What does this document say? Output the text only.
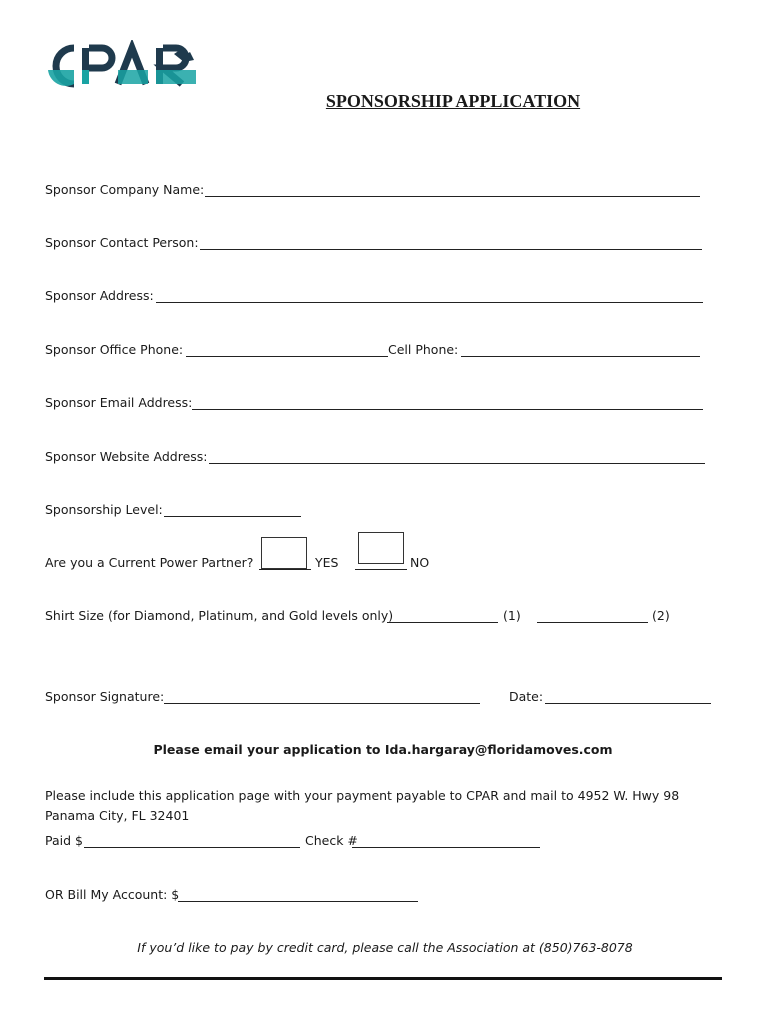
SPONSORSHIP APPLICATION
Sponsor Company Name:
Sponsor Contact Person:
Sponsor Address:
Sponsor Office Phone:	Cell Phone:
Sponsor Email Address:
Sponsor Website Address:
Sponsorship Level:
Are you a Current Power Partner?	YES	NO
Shirt Size (for Diamond, Platinum, and Gold levels only)	(1)	(2)
Sponsor Signature:	Date:
Please email your application to Ida.hargaray@floridamoves.com
Please include this application page with your payment payable to CPAR and mail to 4952 W. Hwy 98 Panama City, FL 32401
Paid $	Check #
OR Bill My Account: $
If you’d like to pay by credit card, please call the Association at (850)763-8078
